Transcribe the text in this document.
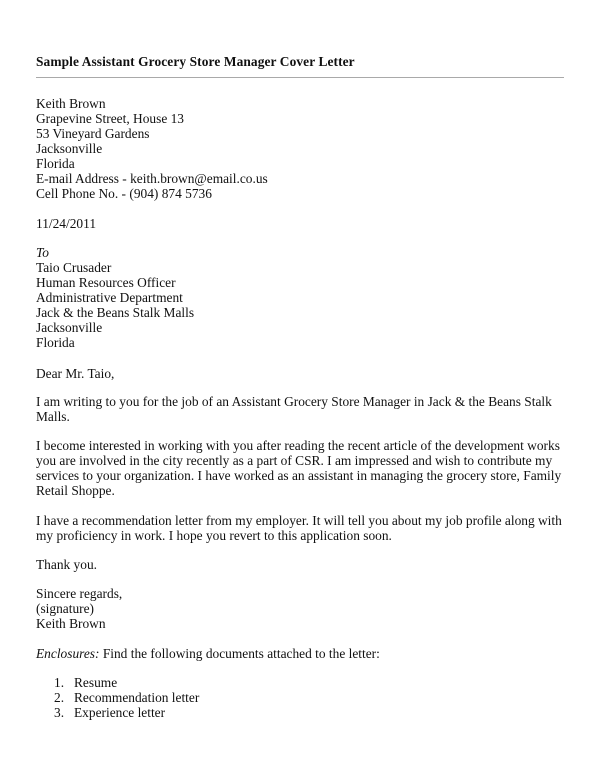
Sample Assistant Grocery Store Manager Cover Letter
Keith Brown
Grapevine Street, House 13
53 Vineyard Gardens
Jacksonville
Florida
E-mail Address - keith.brown@email.co.us
Cell Phone No. - (904) 874 5736
11/24/2011
To
Taio Crusader
Human Resources Officer
Administrative Department
Jack & the Beans Stalk Malls
Jacksonville
Florida
Dear Mr. Taio,
I am writing to you for the job of an Assistant Grocery Store Manager in Jack & the Beans Stalk
Malls.
I become interested in working with you after reading the recent article of the development works
you are involved in the city recently as a part of CSR. I am impressed and wish to contribute my
services to your organization. I have worked as an assistant in managing the grocery store, Family
Retail Shoppe.
I have a recommendation letter from my employer. It will tell you about my job profile along with
my proficiency in work. I hope you revert to this application soon.
Thank you.
Sincere regards,
(signature)
Keith Brown
Enclosures: Find the following documents attached to the letter:
1. Resume
2. Recommendation letter
3. Experience letter
